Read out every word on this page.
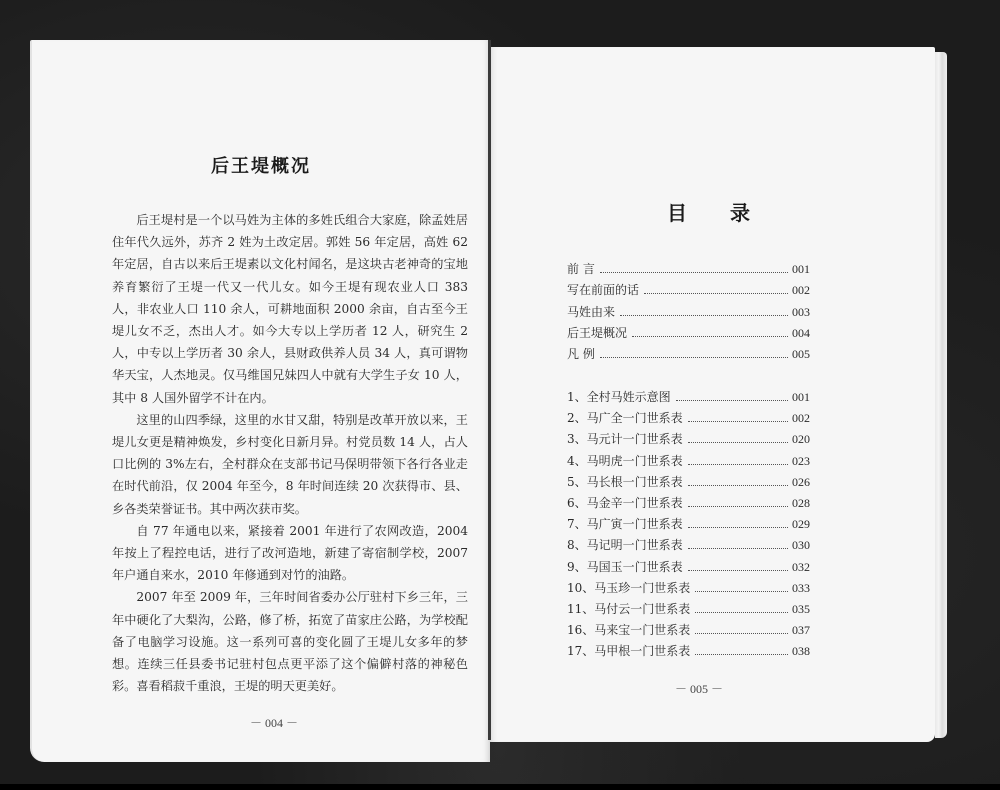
后王堤概况

后王堤村是一个以马姓为主体的多姓氏组合大家庭，除孟姓居住年代久远外，苏齐 2 姓为土改定居。郭姓 56 年定居，高姓 62年定居，自古以来后王堤素以文化村闻名，是这块古老神奇的宝地养育繁衍了王堤一代又一代儿女。如今王堤有现农业人口 383人，非农业人口 110 余人，可耕地面积 2000 余亩，自古至今王堤儿女不乏，杰出人才。如今大专以上学历者 12 人，研究生 2 人，中专以上学历者 30 余人，县财政供养人员 34 人，真可谓物华天宝，人杰地灵。仅马维国兄妹四人中就有大学生子女 10 人，其中 8 人国外留学不计在内。

这里的山四季绿，这里的水甘又甜，特别是改革开放以来，王堤儿女更是精神焕发，乡村变化日新月异。村党员数 14 人，占人口比例的 3%左右，全村群众在支部书记马保明带领下各行各业走在时代前沿，仅 2004 年至今，8 年时间连续 20 次获得市、县、乡各类荣誉证书。其中两次获市奖。

自 77 年通电以来，紧接着 2001 年进行了农网改造，2004 年按上了程控电话，进行了改河造地，新建了寄宿制学校，2007 年户通自来水，2010 年修通到对竹的油路。

2007 年至 2009 年，三年时间省委办公厅驻村下乡三年，三年中硬化了大梨沟，公路，修了桥，拓宽了苗家庄公路，为学校配备了电脑学习设施。这一系列可喜的变化圆了王堤儿女多年的梦想。连续三任县委书记驻村包点更平添了这个偏僻村落的神秘色彩。喜看稻菽千重浪，王堤的明天更美好。

－ 004 －
目 录
前 言	001
写在前面的话	002
马姓由来	003
后王堤概况	004
凡 例	005
1、全村马姓示意图	001
2、马广全一门世系表	002
3、马元计一门世系表	020
4、马明虎一门世系表	023
5、马长根一门世系表	026
6、马金辛一门世系表	028
7、马广寅一门世系表	029
8、马记明一门世系表	030
9、马国玉一门世系表	032
10、马玉珍一门世系表	033
11、马付云一门世系表	035
16、马来宝一门世系表	037
17、马甲根一门世系表	038
－ 005 －
